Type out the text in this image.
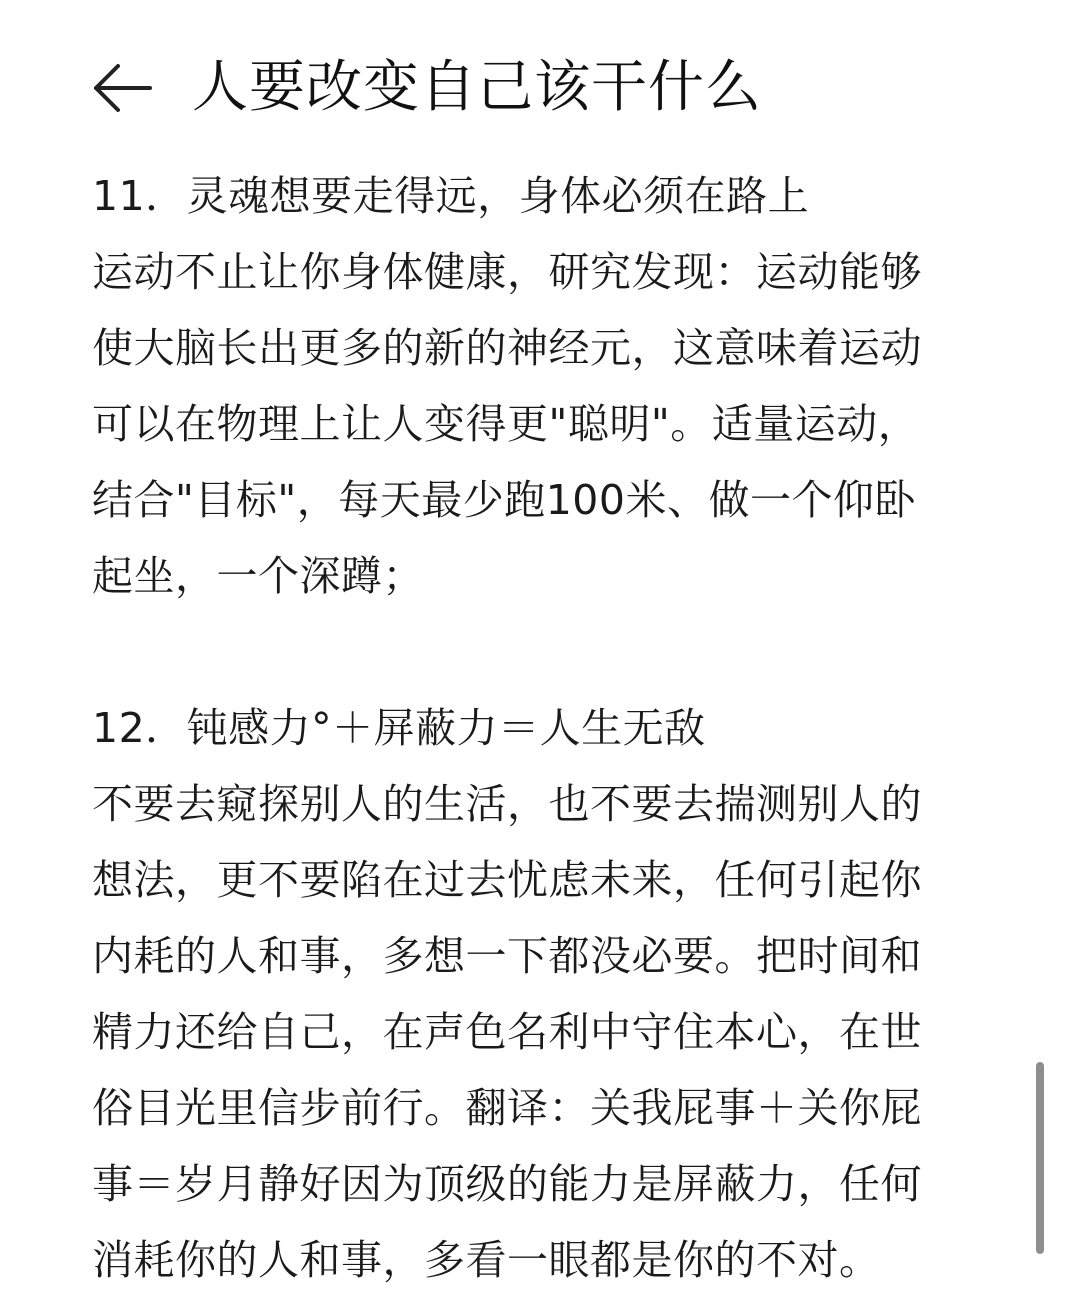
人要改变自己该干什么
11．灵魂想要走得远，身体必须在路上
运动不止让你身体健康，研究发现：运动能够
使大脑长出更多的新的神经元，这意味着运动
可以在物理上让人变得更"聪明"。适量运动，
结合"目标"，每天最少跑100米、做一个仰卧
起坐，一个深蹲；
12．钝感力°＋屏蔽力＝人生无敌
不要去窥探别人的生活，也不要去揣测别人的
想法，更不要陷在过去忧虑未来，任何引起你
内耗的人和事，多想一下都没必要。把时间和
精力还给自己，在声色名利中守住本心，在世
俗目光里信步前行。翻译：关我屁事＋关你屁
事＝岁月静好因为顶级的能力是屏蔽力，任何
消耗你的人和事，多看一眼都是你的不对。
